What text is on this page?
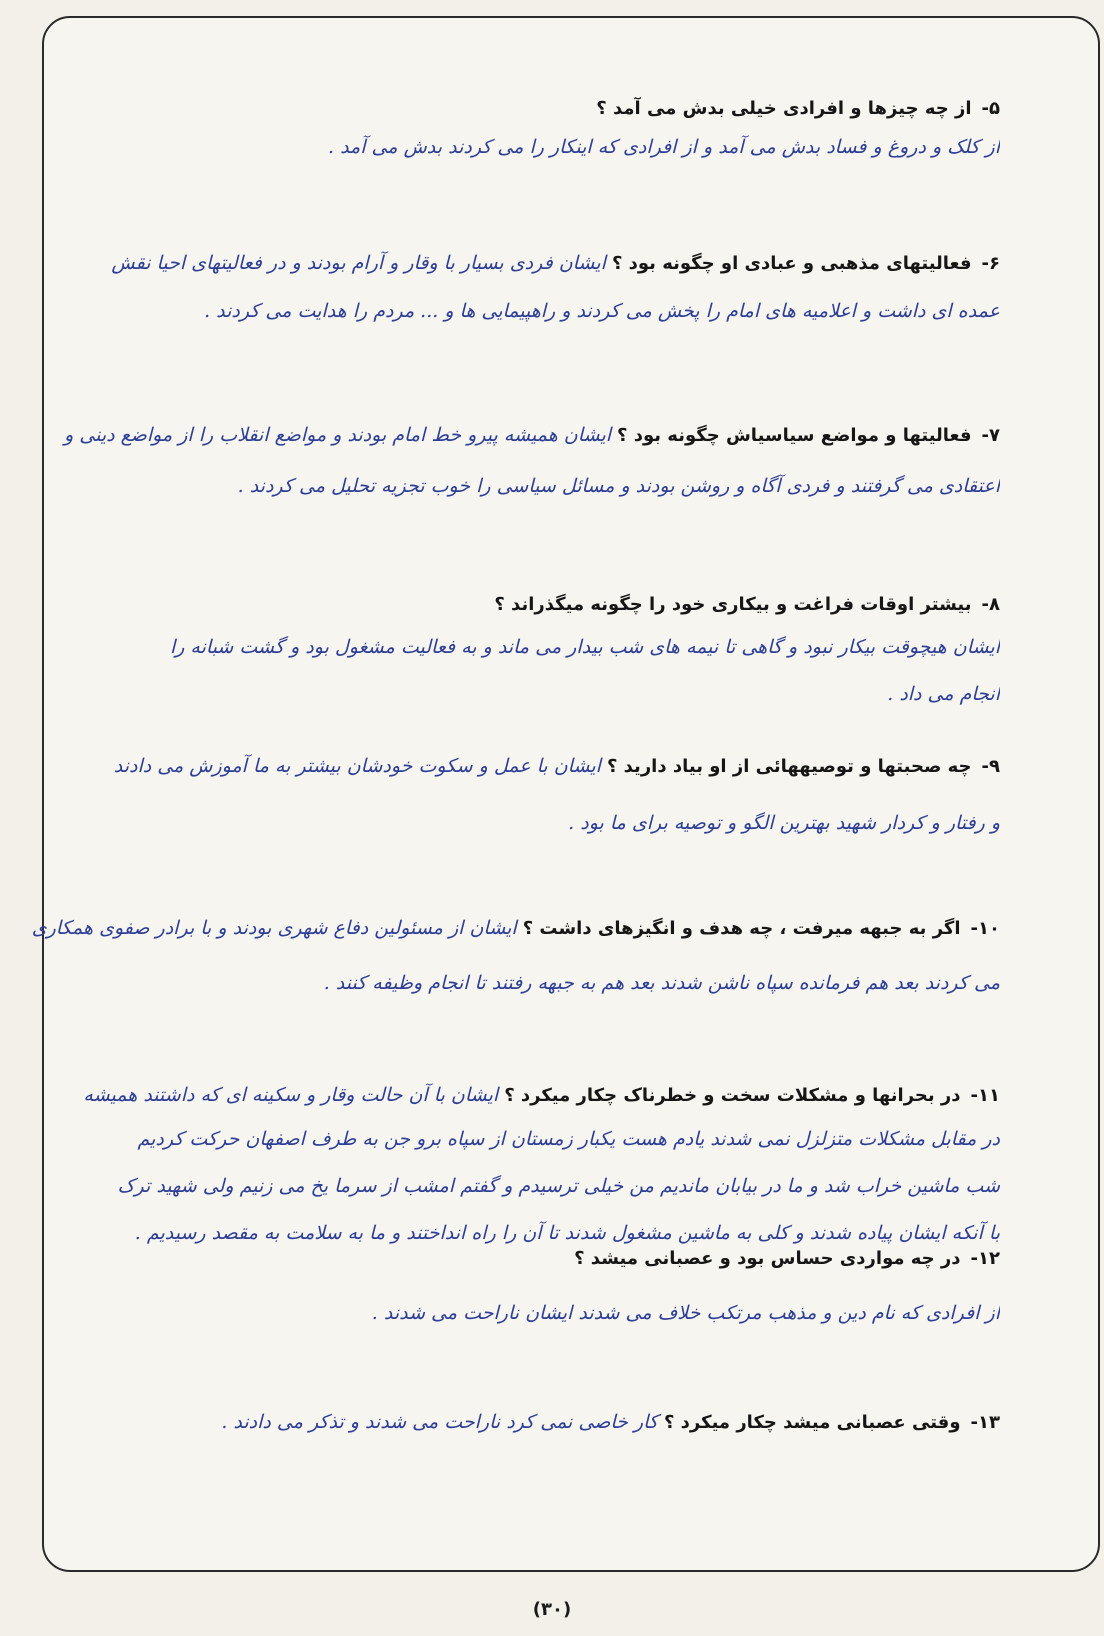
۵-از چه چیزها و افرادی خیلی بدش می آمد ؟
از کلک و دروغ و فساد بدش می آمد و از افرادی که اینکار را می کردند بدش می آمد .
۶-فعالیتهای مذهبی و عبادی او چگونه بود ؟ایشان فردی بسیار با وقار و آرام بودند و در فعالیتهای احیا نقش
عمده ای داشت و اعلامیه های امام را پخش می کردند و راهپیمایی ها و ... مردم را هدایت می کردند .
۷-فعالیتها و مواضع سیاسیاش چگونه بود ؟ایشان همیشه پیرو خط امام بودند و مواضع انقلاب را از مواضع دینی و
اعتقادی می گرفتند و فردی آگاه و روشن بودند و مسائل سیاسی را خوب تجزیه تحلیل می کردند .
۸-بیشتر اوقات فراغت و بیکاری خود را چگونه میگذراند ؟
ایشان هیچوقت بیکار نبود و گاهی تا نیمه های شب بیدار می ماند و به فعالیت مشغول بود و گشت شبانه را
انجام می داد .
۹-چه صحبتها و توصیههائی از او بیاد دارید ؟ایشان با عمل و سکوت خودشان بیشتر به ما آموزش می دادند
و رفتار و کردار شهید بهترین الگو و توصیه برای ما بود .
۱۰-اگر به جبهه میرفت ، چه هدف و انگیزهای داشت ؟ایشان از مسئولین دفاع شهری بودند و با برادر صفوی همکاری
می کردند بعد هم فرمانده سپاه ناشن شدند بعد هم به جبهه رفتند تا انجام وظیفه کنند .
۱۱-در بحرانها و مشکلات سخت و خطرناک چکار میکرد ؟ایشان با آن حالت وقار و سکینه ای که داشتند همیشه
در مقابل مشکلات متزلزل نمی شدند یادم هست یکبار زمستان از سپاه برو جن به طرف اصفهان حرکت کردیم
شب ماشین خراب شد و ما در بیابان ماندیم من خیلی ترسیدم و گفتم امشب از سرما یخ می زنیم ولی شهید ترک
با آنکه ایشان پیاده شدند و کلی به ماشین مشغول شدند تا آن را راه انداختند و ما به سلامت به مقصد رسیدیم .
۱۲-در چه مواردی حساس بود و عصبانی میشد ؟
از افرادی که نام دین و مذهب مرتکب خلاف می شدند ایشان ناراحت می شدند .
۱۳-وقتی عصبانی میشد چکار میکرد ؟کار خاصی نمی کرد ناراحت می شدند و تذکر می دادند .
(۳۰)
